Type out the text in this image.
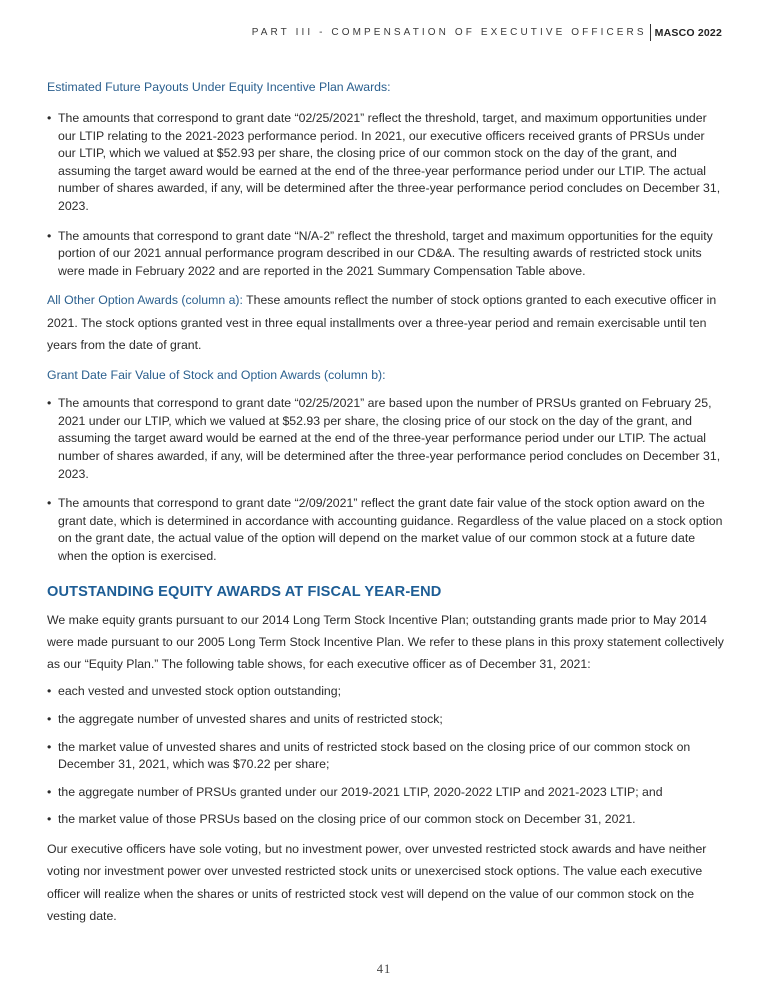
PART III - COMPENSATION OF EXECUTIVE OFFICERS MASCO 2022
Estimated Future Payouts Under Equity Incentive Plan Awards:
• The amounts that correspond to grant date “02/25/2021” reflect the threshold, target, and maximum opportunities under our LTIP relating to the 2021-2023 performance period. In 2021, our executive officers received grants of PRSUs under our LTIP, which we valued at $52.93 per share, the closing price of our common stock on the day of the grant, and assuming the target award would be earned at the end of the three-year performance period under our LTIP. The actual number of shares awarded, if any, will be determined after the three-year performance period concludes on December 31, 2023.
• The amounts that correspond to grant date “N/A-2” reflect the threshold, target and maximum opportunities for the equity portion of our 2021 annual performance program described in our CD&A. The resulting awards of restricted stock units were made in February 2022 and are reported in the 2021 Summary Compensation Table above.
All Other Option Awards (column a): These amounts reflect the number of stock options granted to each executive officer in 2021. The stock options granted vest in three equal installments over a three-year period and remain exercisable until ten years from the date of grant.
Grant Date Fair Value of Stock and Option Awards (column b):
• The amounts that correspond to grant date “02/25/2021” are based upon the number of PRSUs granted on February 25, 2021 under our LTIP, which we valued at $52.93 per share, the closing price of our stock on the day of the grant, and assuming the target award would be earned at the end of the three-year performance period under our LTIP. The actual number of shares awarded, if any, will be determined after the three-year performance period concludes on December 31, 2023.
• The amounts that correspond to grant date “2/09/2021” reflect the grant date fair value of the stock option award on the grant date, which is determined in accordance with accounting guidance. Regardless of the value placed on a stock option on the grant date, the actual value of the option will depend on the market value of our common stock at a future date when the option is exercised.
OUTSTANDING EQUITY AWARDS AT FISCAL YEAR-END
We make equity grants pursuant to our 2014 Long Term Stock Incentive Plan; outstanding grants made prior to May 2014 were made pursuant to our 2005 Long Term Stock Incentive Plan. We refer to these plans in this proxy statement collectively as our “Equity Plan.” The following table shows, for each executive officer as of December 31, 2021:
• each vested and unvested stock option outstanding;
• the aggregate number of unvested shares and units of restricted stock;
• the market value of unvested shares and units of restricted stock based on the closing price of our common stock on December 31, 2021, which was $70.22 per share;
• the aggregate number of PRSUs granted under our 2019-2021 LTIP, 2020-2022 LTIP and 2021-2023 LTIP; and
• the market value of those PRSUs based on the closing price of our common stock on December 31, 2021.
Our executive officers have sole voting, but no investment power, over unvested restricted stock awards and have neither voting nor investment power over unvested restricted stock units or unexercised stock options. The value each executive officer will realize when the shares or units of restricted stock vest will depend on the value of our common stock on the vesting date.
41
